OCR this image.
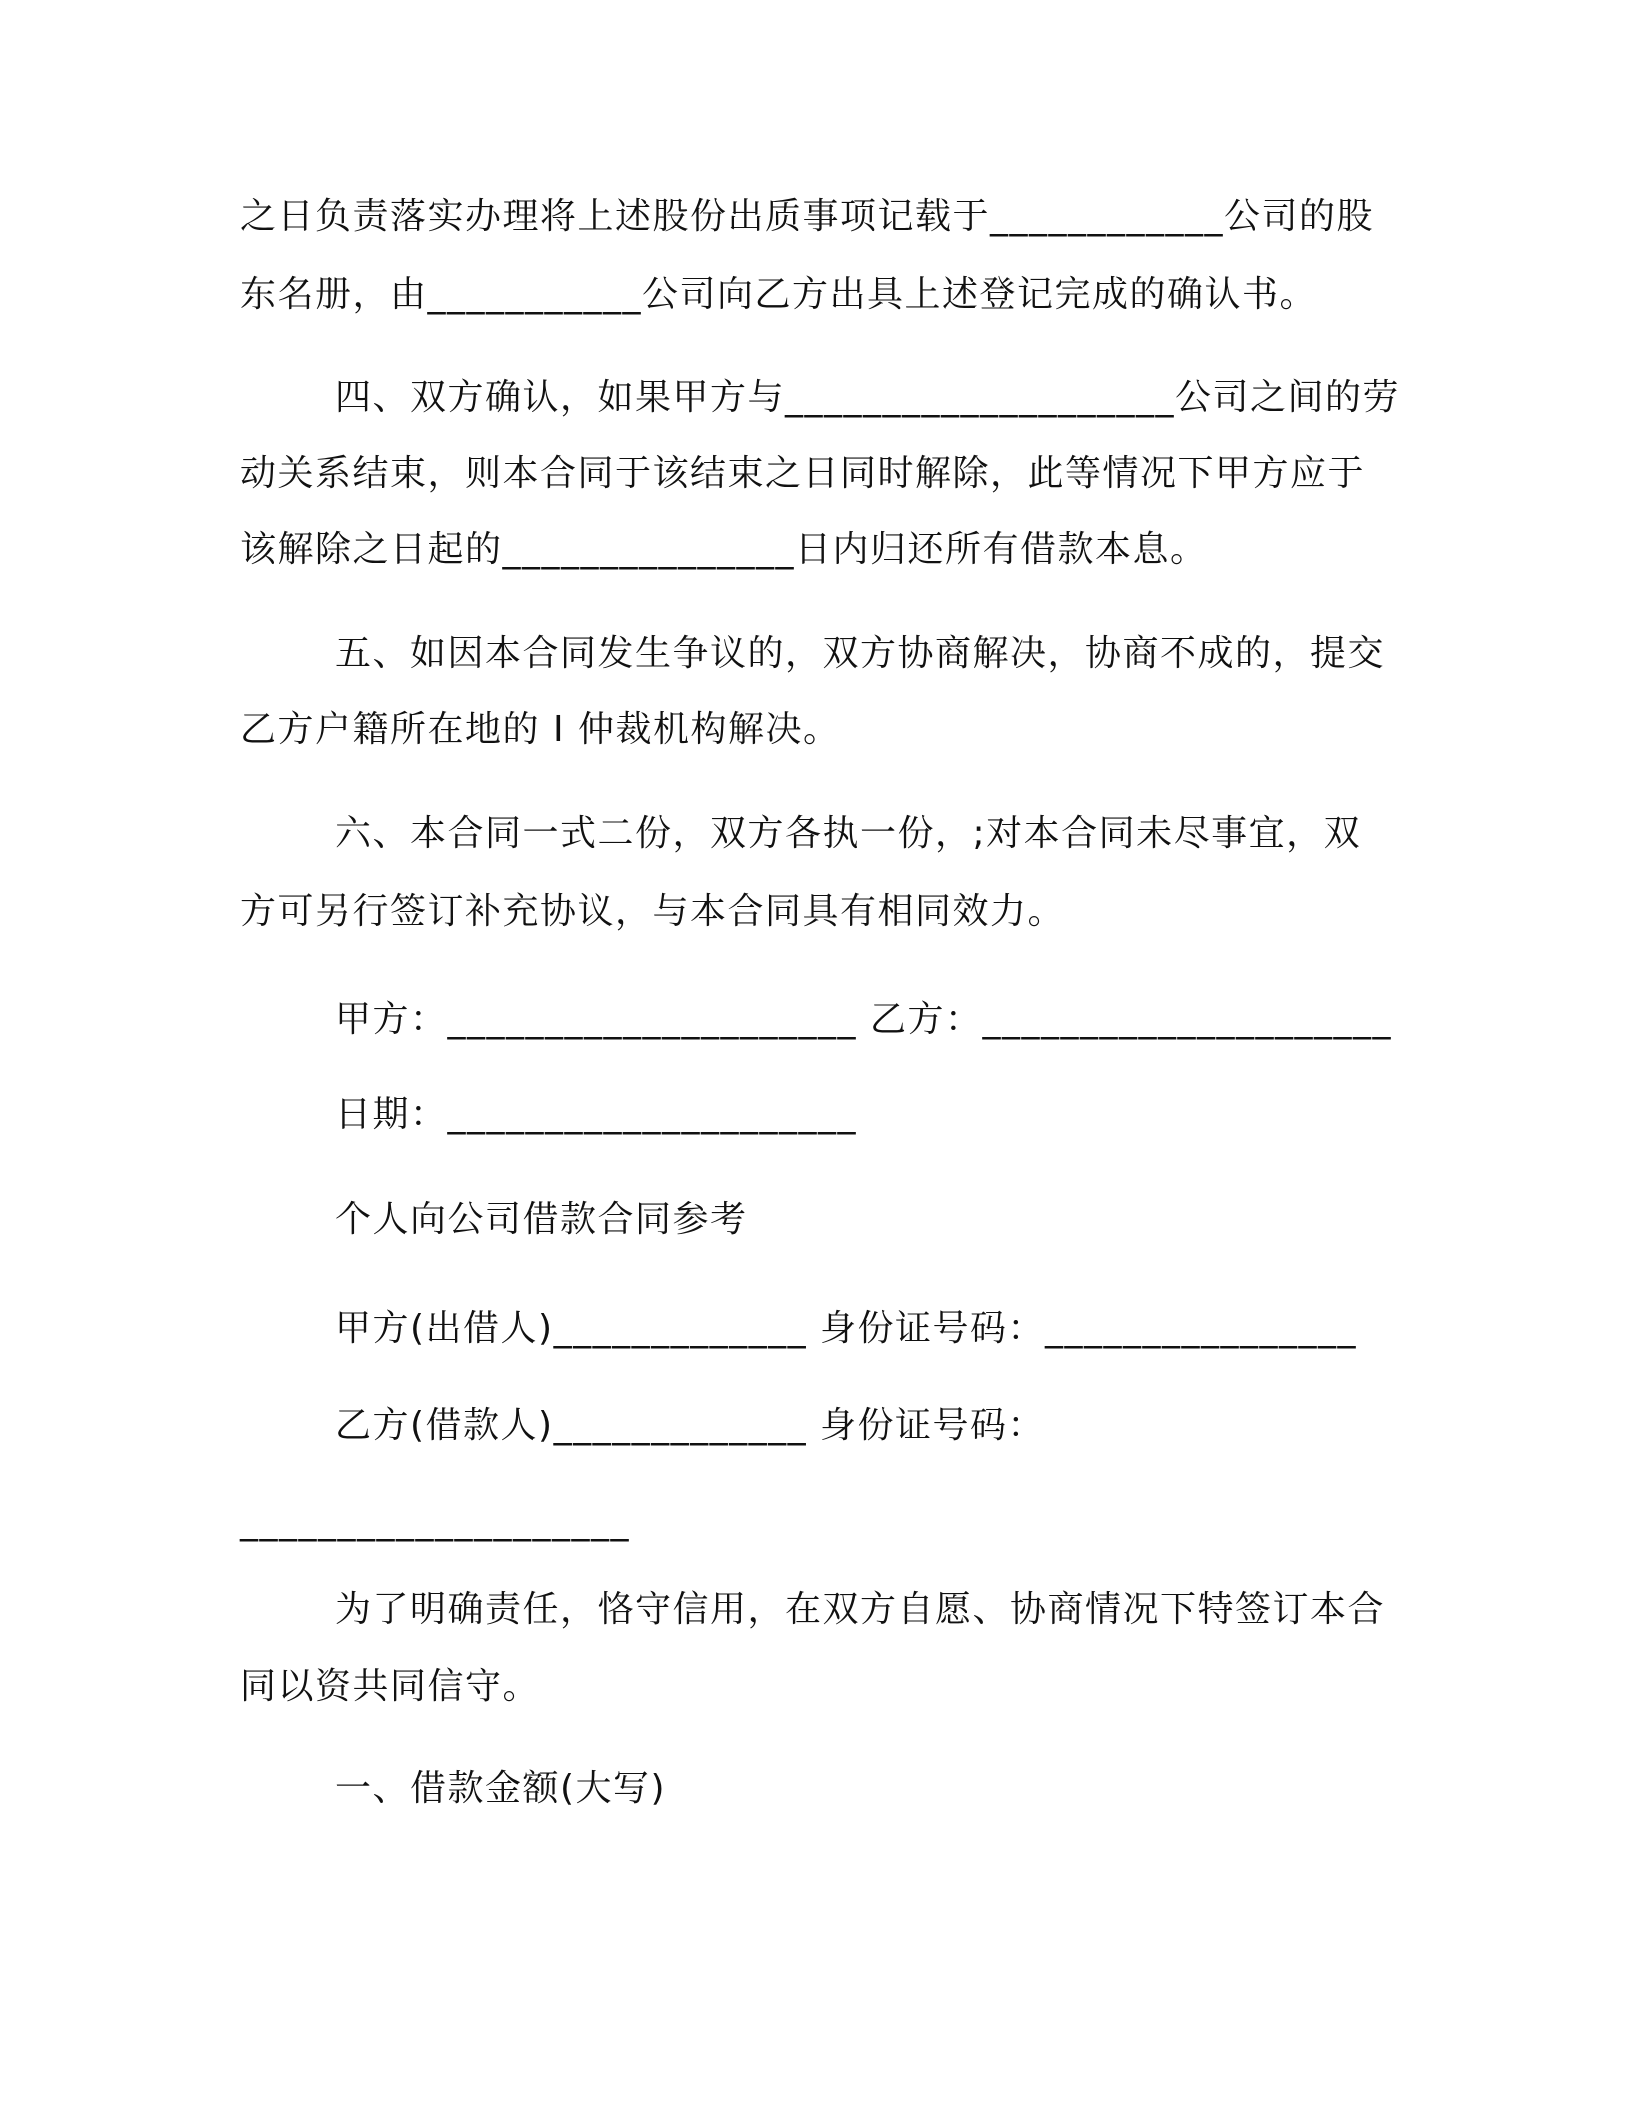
之日负责落实办理将上述股份出质事项记载于____________公司的股
东名册，由___________公司向乙方出具上述登记完成的确认书。
四、双方确认，如果甲方与____________________公司之间的劳
动关系结束，则本合同于该结束之日同时解除，此等情况下甲方应于
该解除之日起的_______________日内归还所有借款本息。
五、如因本合同发生争议的，双方协商解决，协商不成的，提交
乙方户籍所在地的 I 仲裁机构解决。
六、本合同一式二份，双方各执一份，;对本合同未尽事宜，双
方可另行签订补充协议，与本合同具有相同效力。
甲方：_____________________ 乙方：_____________________
日期：_____________________
个人向公司借款合同参考
甲方(出借人)_____________ 身份证号码：________________
乙方(借款人)_____________ 身份证号码：
____________________
为了明确责任，恪守信用，在双方自愿、协商情况下特签订本合
同以资共同信守。
一、借款金额(大写)
